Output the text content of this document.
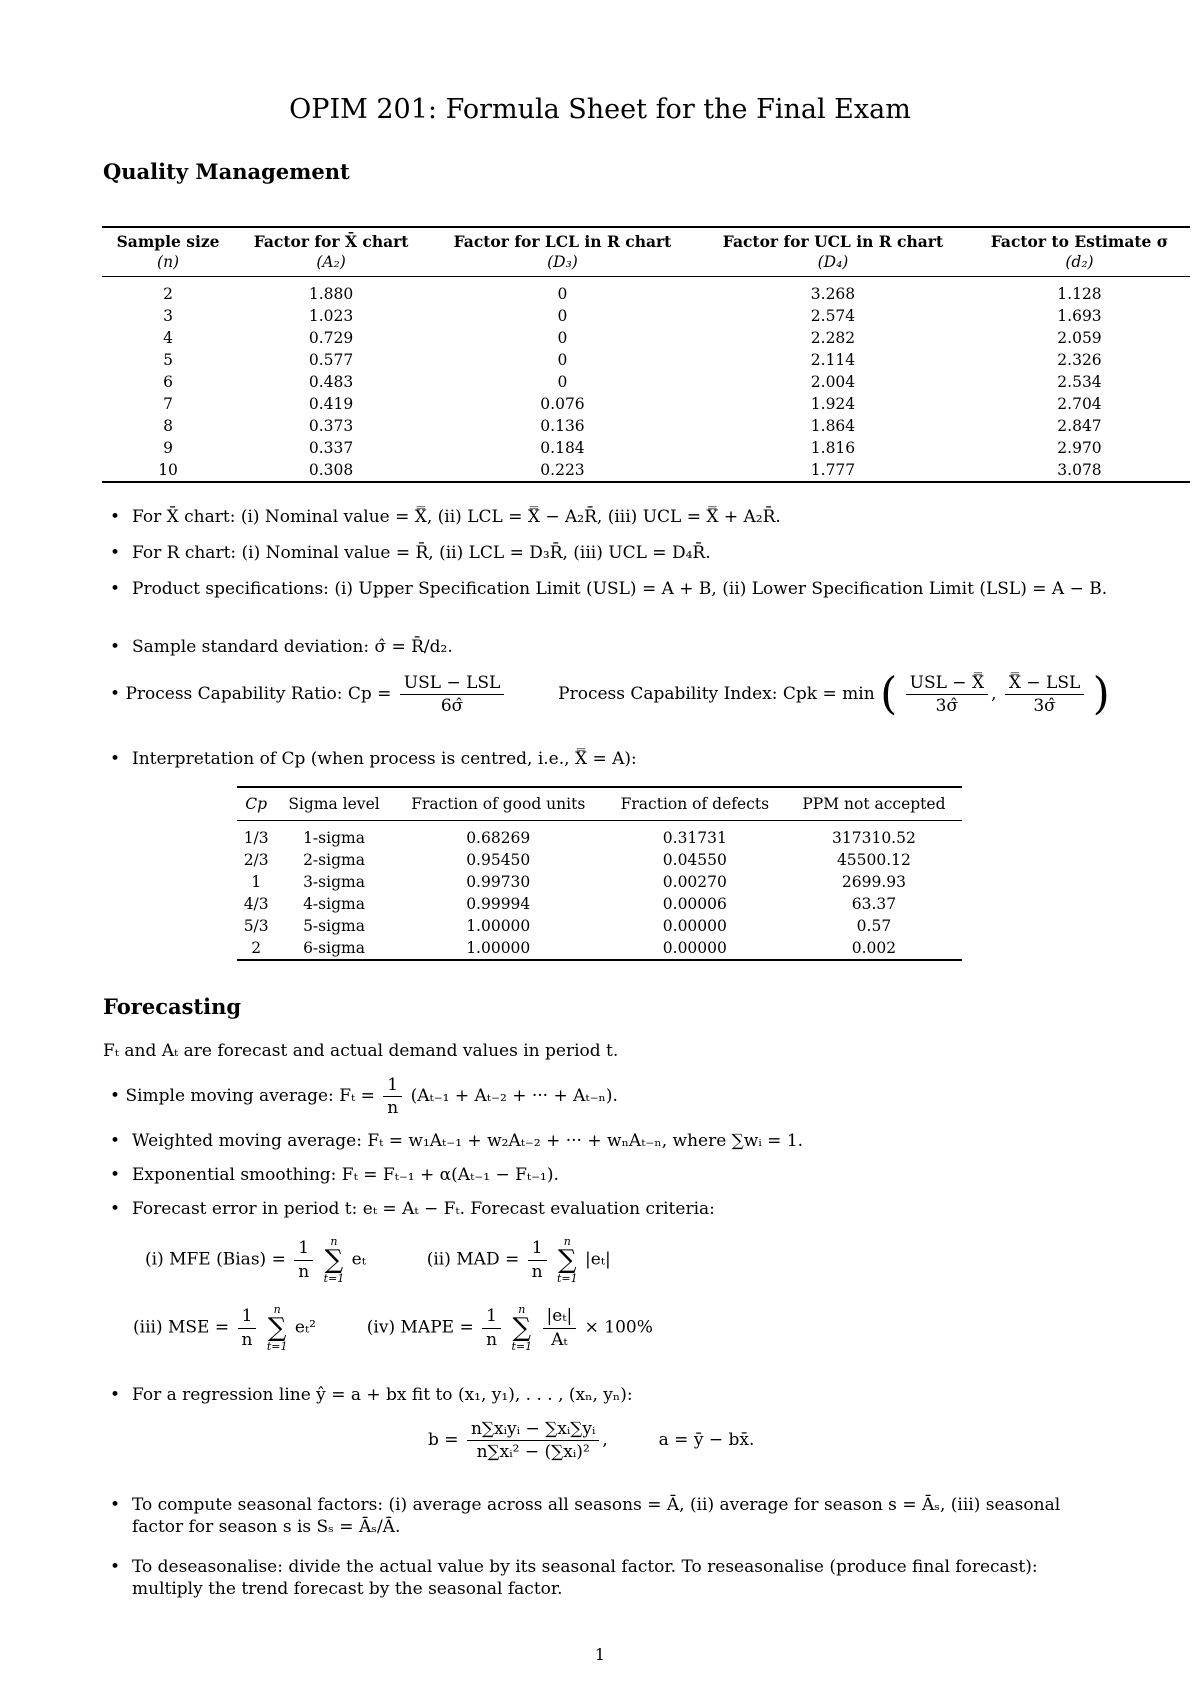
OPIM 201: Formula Sheet for the Final Exam
Quality Management
Sample size	Factor for X̄ chart	Factor for LCL in R chart	Factor for UCL in R chart	Factor to Estimate σ
(n)	(A₂)	(D₃)	(D₄)	(d₂)
2	1.880	0	3.268	1.128
3	1.023	0	2.574	1.693
4	0.729	0	2.282	2.059
5	0.577	0	2.114	2.326
6	0.483	0	2.004	2.534
7	0.419	0.076	1.924	2.704
8	0.373	0.136	1.864	2.847
9	0.337	0.184	1.816	2.970
10	0.308	0.223	1.777	3.078
• For X̄ chart: (i) Nominal value = X̿, (ii) LCL = X̿ − A₂R̄, (iii) UCL = X̿ + A₂R̄.
• For R chart: (i) Nominal value = R̄, (ii) LCL = D₃R̄, (iii) UCL = D₄R̄.
• Product specifications: (i) Upper Specification Limit (USL) = A + B, (ii) Lower Specification Limit (LSL) = A − B.
• Sample standard deviation: σ̂ = R̄/d₂.
• Process Capability Ratio: $Cp = \frac{\text{USL − LSL}}{6\sigmâ}$	Process Capability Index: Cpk = min ( $\frac{\text{USL − X̿}}{3\sigmâ}$ , $\frac{\text{X̿ − LSL}}{3\sigmâ}$ )
• Interpretation of Cp (when process is centred, i.e., X̿ = A):
Cp	Sigma level	Fraction of good units	Fraction of defects	PPM not accepted
1/3	1-sigma	0.68269	0.31731	317310.52
2/3	2-sigma	0.95450	0.04550	45500.12
1	3-sigma	0.99730	0.00270	2699.93
4/3	4-sigma	0.99994	0.00006	63.37
5/3	5-sigma	1.00000	0.00000	0.57
2	6-sigma	1.00000	0.00000	0.002
Forecasting
Fₜ and Aₜ are forecast and actual demand values in period t.
• Simple moving average: $F_t = \frac{1}{n} (A_{t-1} + A_{t-2}$ + ··· + Aₜ₋ₙ).
• Weighted moving average: Fₜ = w₁Aₜ₋₁ + w₂Aₜ₋₂ + ··· + wₙAₜ₋ₙ, where ∑wᵢ = 1.
• Exponential smoothing: Fₜ = Fₜ₋₁ + α(Aₜ₋₁ − Fₜ₋₁).
• Forecast error in period t: eₜ = Aₜ − Fₜ. Forecast evaluation criteria:
(i) MFE (Bias) = $\frac{1}{n}$
	n
∑
t=1
eₜ	(ii) MAD = $\frac{1}{n}$
	n
∑
t=1
|eₜ|
(iii) MSE = $\frac{1}{n}$
	n
∑
t=1
eₜ²	(iv) MAPE = $\frac{1}{n}$
	n
∑
t=1
$\frac{\text{|eₜ|}}{\text{Aₜ}} \times 100\%$
• For a regression line ŷ = a + bx fit to (x₁, y₁), . . . , (xₙ, yₙ):
$b = \frac{\text{n∑xᵢyᵢ − ∑xᵢ∑yᵢ}}{\text{n∑xᵢ² − (∑xᵢ)²}}$ ,	a = ȳ − bx̄.
• To compute seasonal factors: (i) average across all seasons = Ā, (ii) average for season s = Āₛ, (iii) seasonal factor for season s is Sₛ = Āₛ/Ā.
• To deseasonalise: divide the actual value by its seasonal factor. To reseasonalise (produce final forecast): multiply the trend forecast by the seasonal factor.
1
